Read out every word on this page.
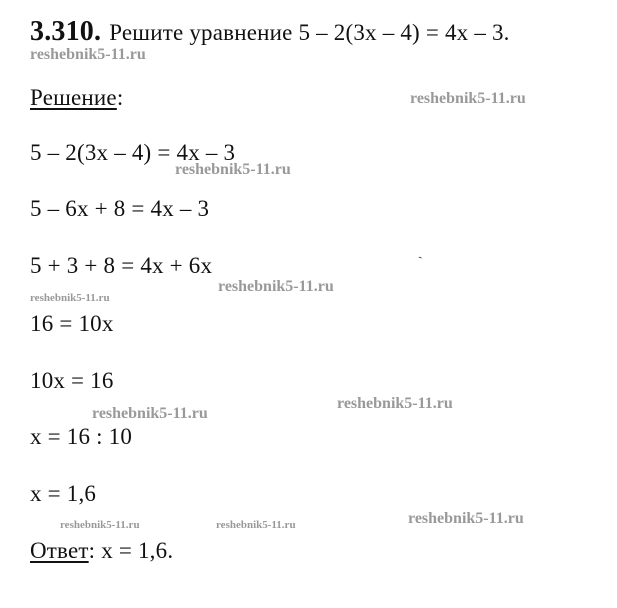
3.310. Решите уравнение 5 – 2(3x – 4) = 4x – 3.
Решение:
5 – 2(3x – 4) = 4x – 3
5 – 6x + 8 = 4x – 3
5 + 3 + 8 = 4x + 6x
16 = 10x
10x = 16
x = 16 : 10
x = 1,6
Ответ: x = 1,6.
`
reshebnik5-11.ru
reshebnik5-11.ru
reshebnik5-11.ru
reshebnik5-11.ru
reshebnik5-11.ru
reshebnik5-11.ru
reshebnik5-11.ru
reshebnik5-11.ru	reshebnik5-11.ru	reshebnik5-11.ru
